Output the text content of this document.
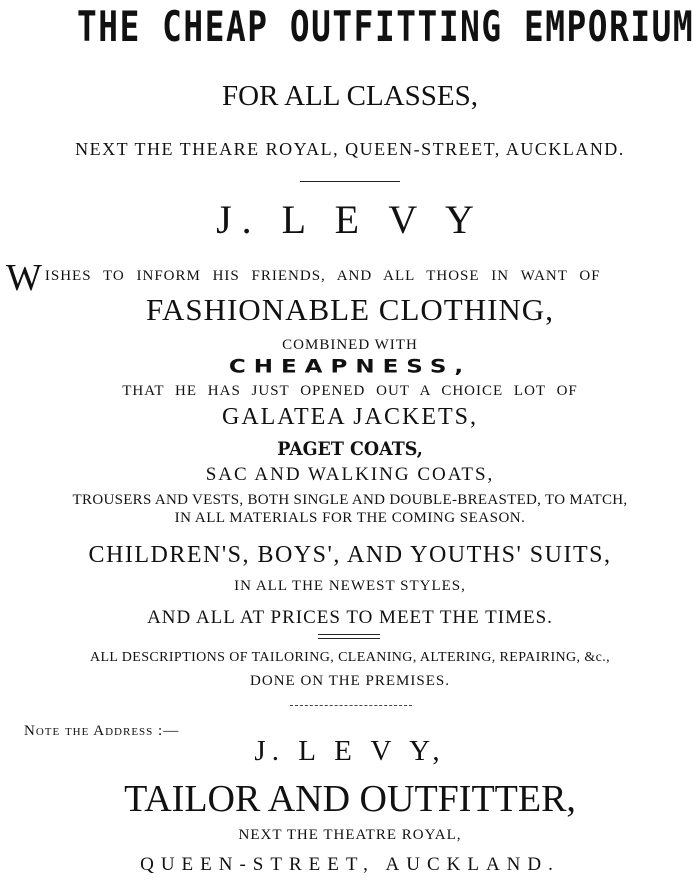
THE CHEAP OUTFITTING EMPORIUM
FOR ALL CLASSES,
NEXT THE THEARE ROYAL, QUEEN-STREET, AUCKLAND.
J. L E V Y
WISHES TO INFORM HIS FRIENDS, AND ALL THOSE IN WANT OF
FASHIONABLE CLOTHING,
COMBINED WITH
CHEAPNESS,
THAT HE HAS JUST OPENED OUT A CHOICE LOT OF
GALATEA JACKETS,
PAGET COATS,
SAC AND WALKING COATS,
TROUSERS AND VESTS, BOTH SINGLE AND DOUBLE-BREASTED, TO MATCH,
IN ALL MATERIALS FOR THE COMING SEASON.
CHILDREN'S, BOYS', AND YOUTHS' SUITS,
IN ALL THE NEWEST STYLES,
AND ALL AT PRICES TO MEET THE TIMES.
ALL DESCRIPTIONS OF TAILORING, CLEANING, ALTERING, REPAIRING, &c.,
DONE ON THE PREMISES.
Note the Address :—
J. L E V Y,
TAILOR AND OUTFITTER,
NEXT THE THEATRE ROYAL,
QUEEN-STREET, AUCKLAND.
